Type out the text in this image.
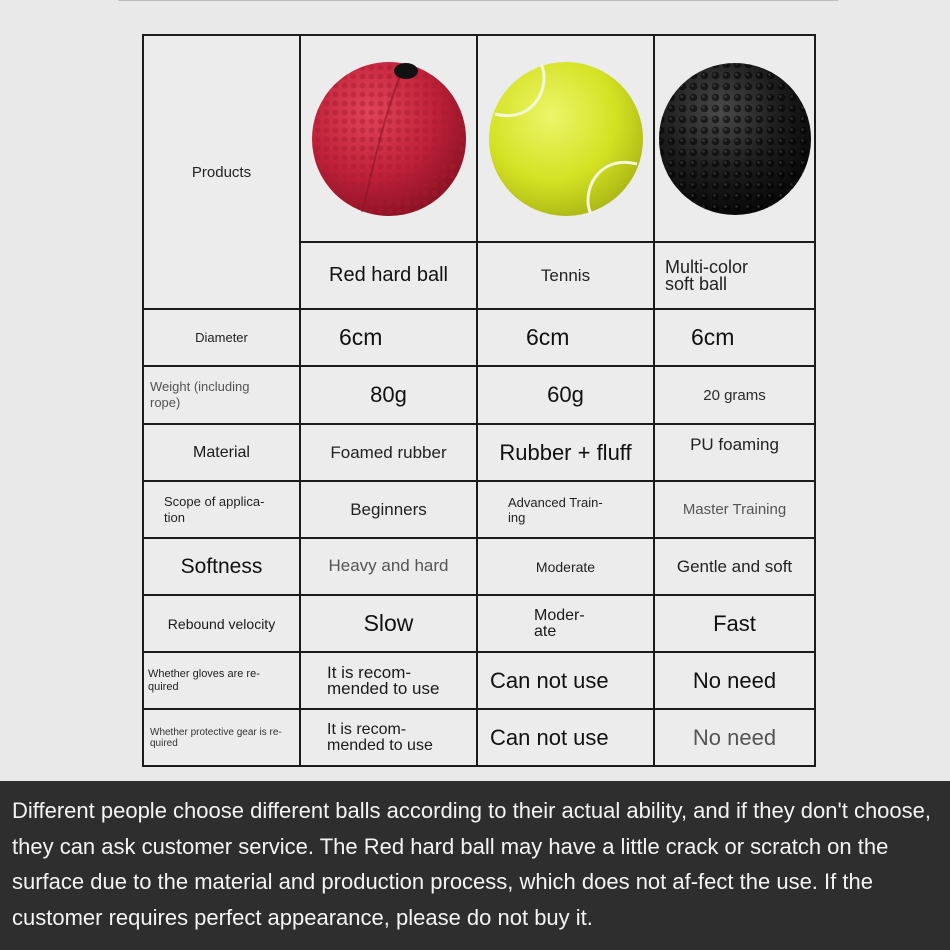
Products	

	Red hard ball	Tennis	Multi-color
soft ball
Diameter	6cm	6cm	6cm
Weight (including
rope)	80g	60g	20 grams
Material	Foamed rubber	Rubber + fluff	PU foaming
Scope of applica-
tion	Beginners	Advanced Train-
ing	Master Training
Softness	Heavy and hard	Moderate	Gentle and soft
Rebound velocity	Slow	Moder-
ate	Fast
Whether gloves are re-
quired	It is recom-
mended to use	Can not use	No need
Whether protective gear is re-
quired	It is recom-
mended to use	Can not use	No need

Different people choose different balls according to their actual ability, and if they don't choose, they can ask customer service. The Red hard ball may have a little crack or scratch on the surface due to the material and production process, which does not af-fect the use. If the customer requires perfect appearance, please do not buy it.
